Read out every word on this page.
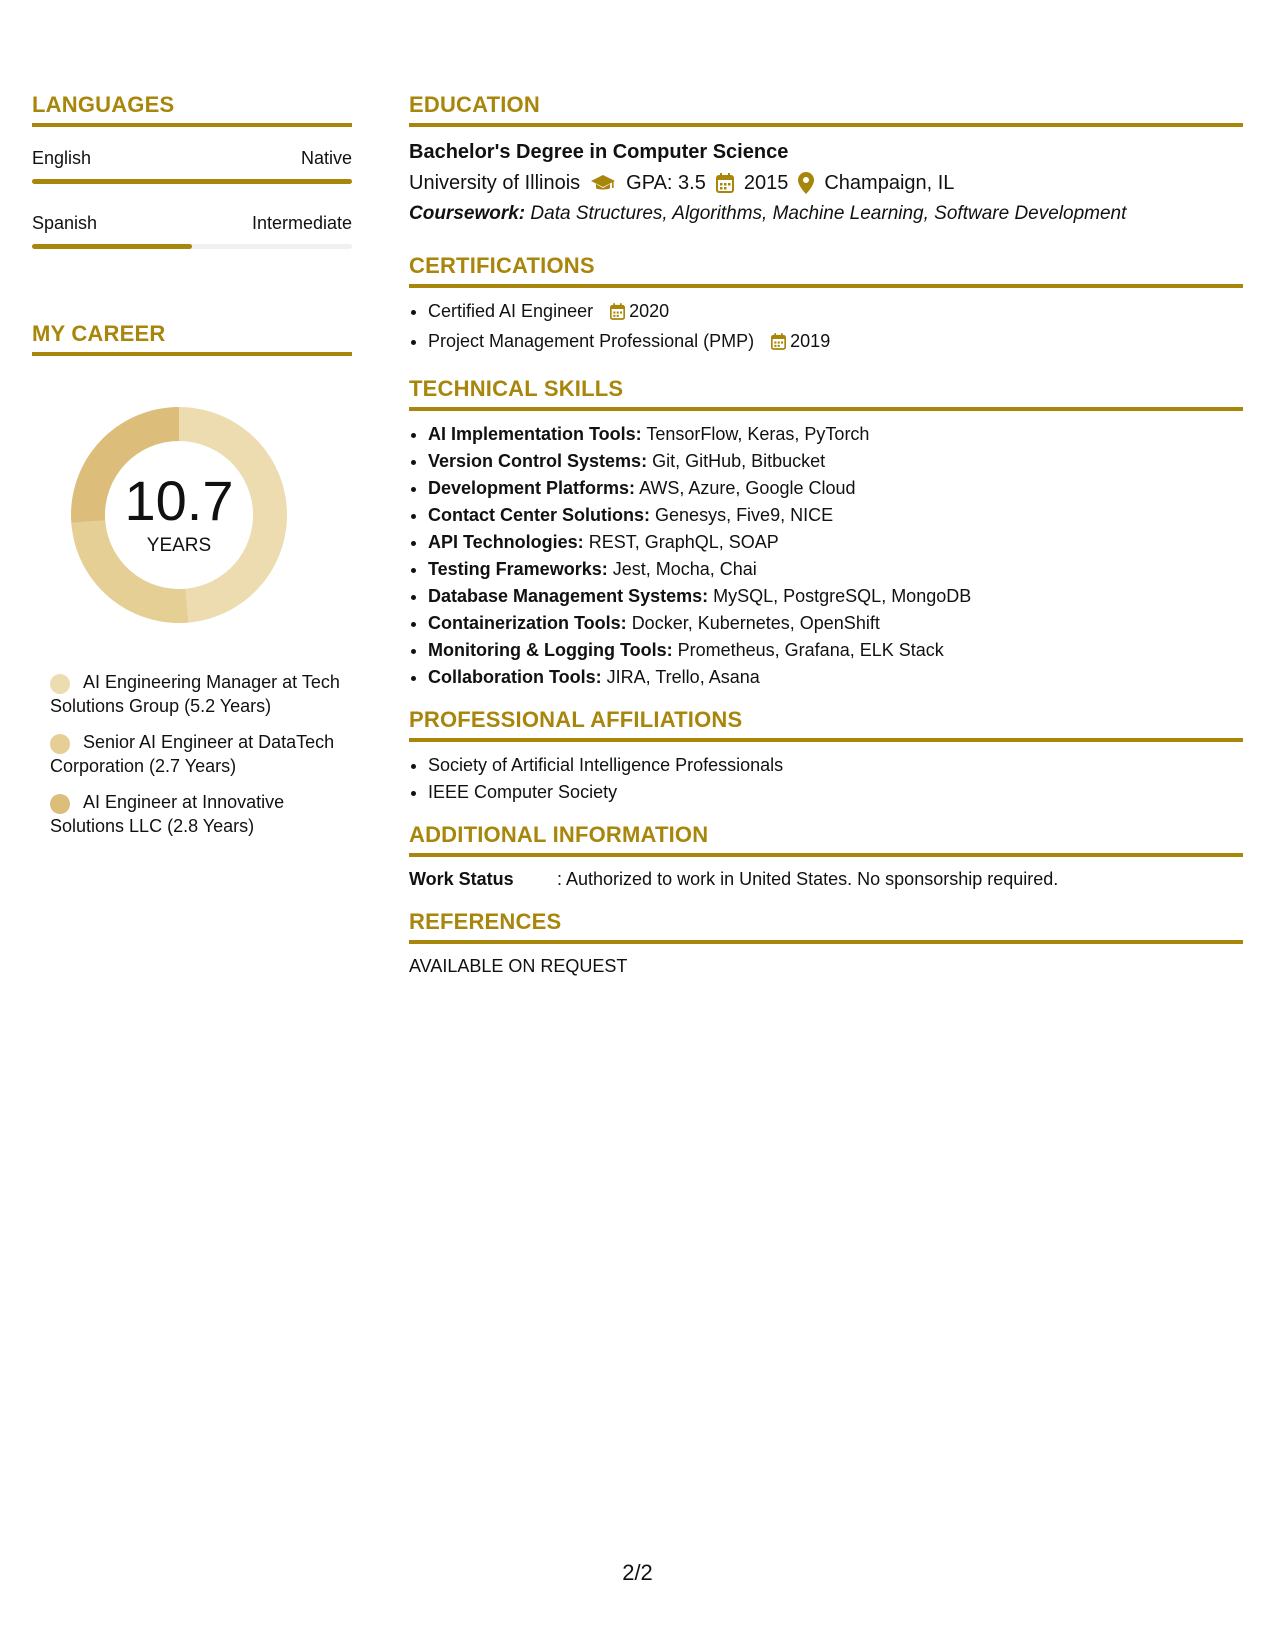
LANGUAGES
English	Native
Spanish	Intermediate
MY CAREER
10.7
YEARS
AI Engineering Manager at Tech Solutions Group (5.2 Years)
Senior AI Engineer at DataTech Corporation (2.7 Years)
AI Engineer at Innovative Solutions LLC (2.8 Years)
EDUCATION
Bachelor's Degree in Computer Science
University of Illinois GPA: 3.5 2015 Champaign, IL
Coursework: Data Structures, Algorithms, Machine Learning, Software Development
CERTIFICATIONS
• Certified AI Engineer 2020
• Project Management Professional (PMP) 2019
TECHNICAL SKILLS
• AI Implementation Tools: TensorFlow, Keras, PyTorch
• Version Control Systems: Git, GitHub, Bitbucket
• Development Platforms: AWS, Azure, Google Cloud
• Contact Center Solutions: Genesys, Five9, NICE
• API Technologies: REST, GraphQL, SOAP
• Testing Frameworks: Jest, Mocha, Chai
• Database Management Systems: MySQL, PostgreSQL, MongoDB
• Containerization Tools: Docker, Kubernetes, OpenShift
• Monitoring & Logging Tools: Prometheus, Grafana, ELK Stack
• Collaboration Tools: JIRA, Trello, Asana
PROFESSIONAL AFFILIATIONS
• Society of Artificial Intelligence Professionals
• IEEE Computer Society
ADDITIONAL INFORMATION
Work Status	: Authorized to work in United States. No sponsorship required.
REFERENCES
AVAILABLE ON REQUEST
2/2
